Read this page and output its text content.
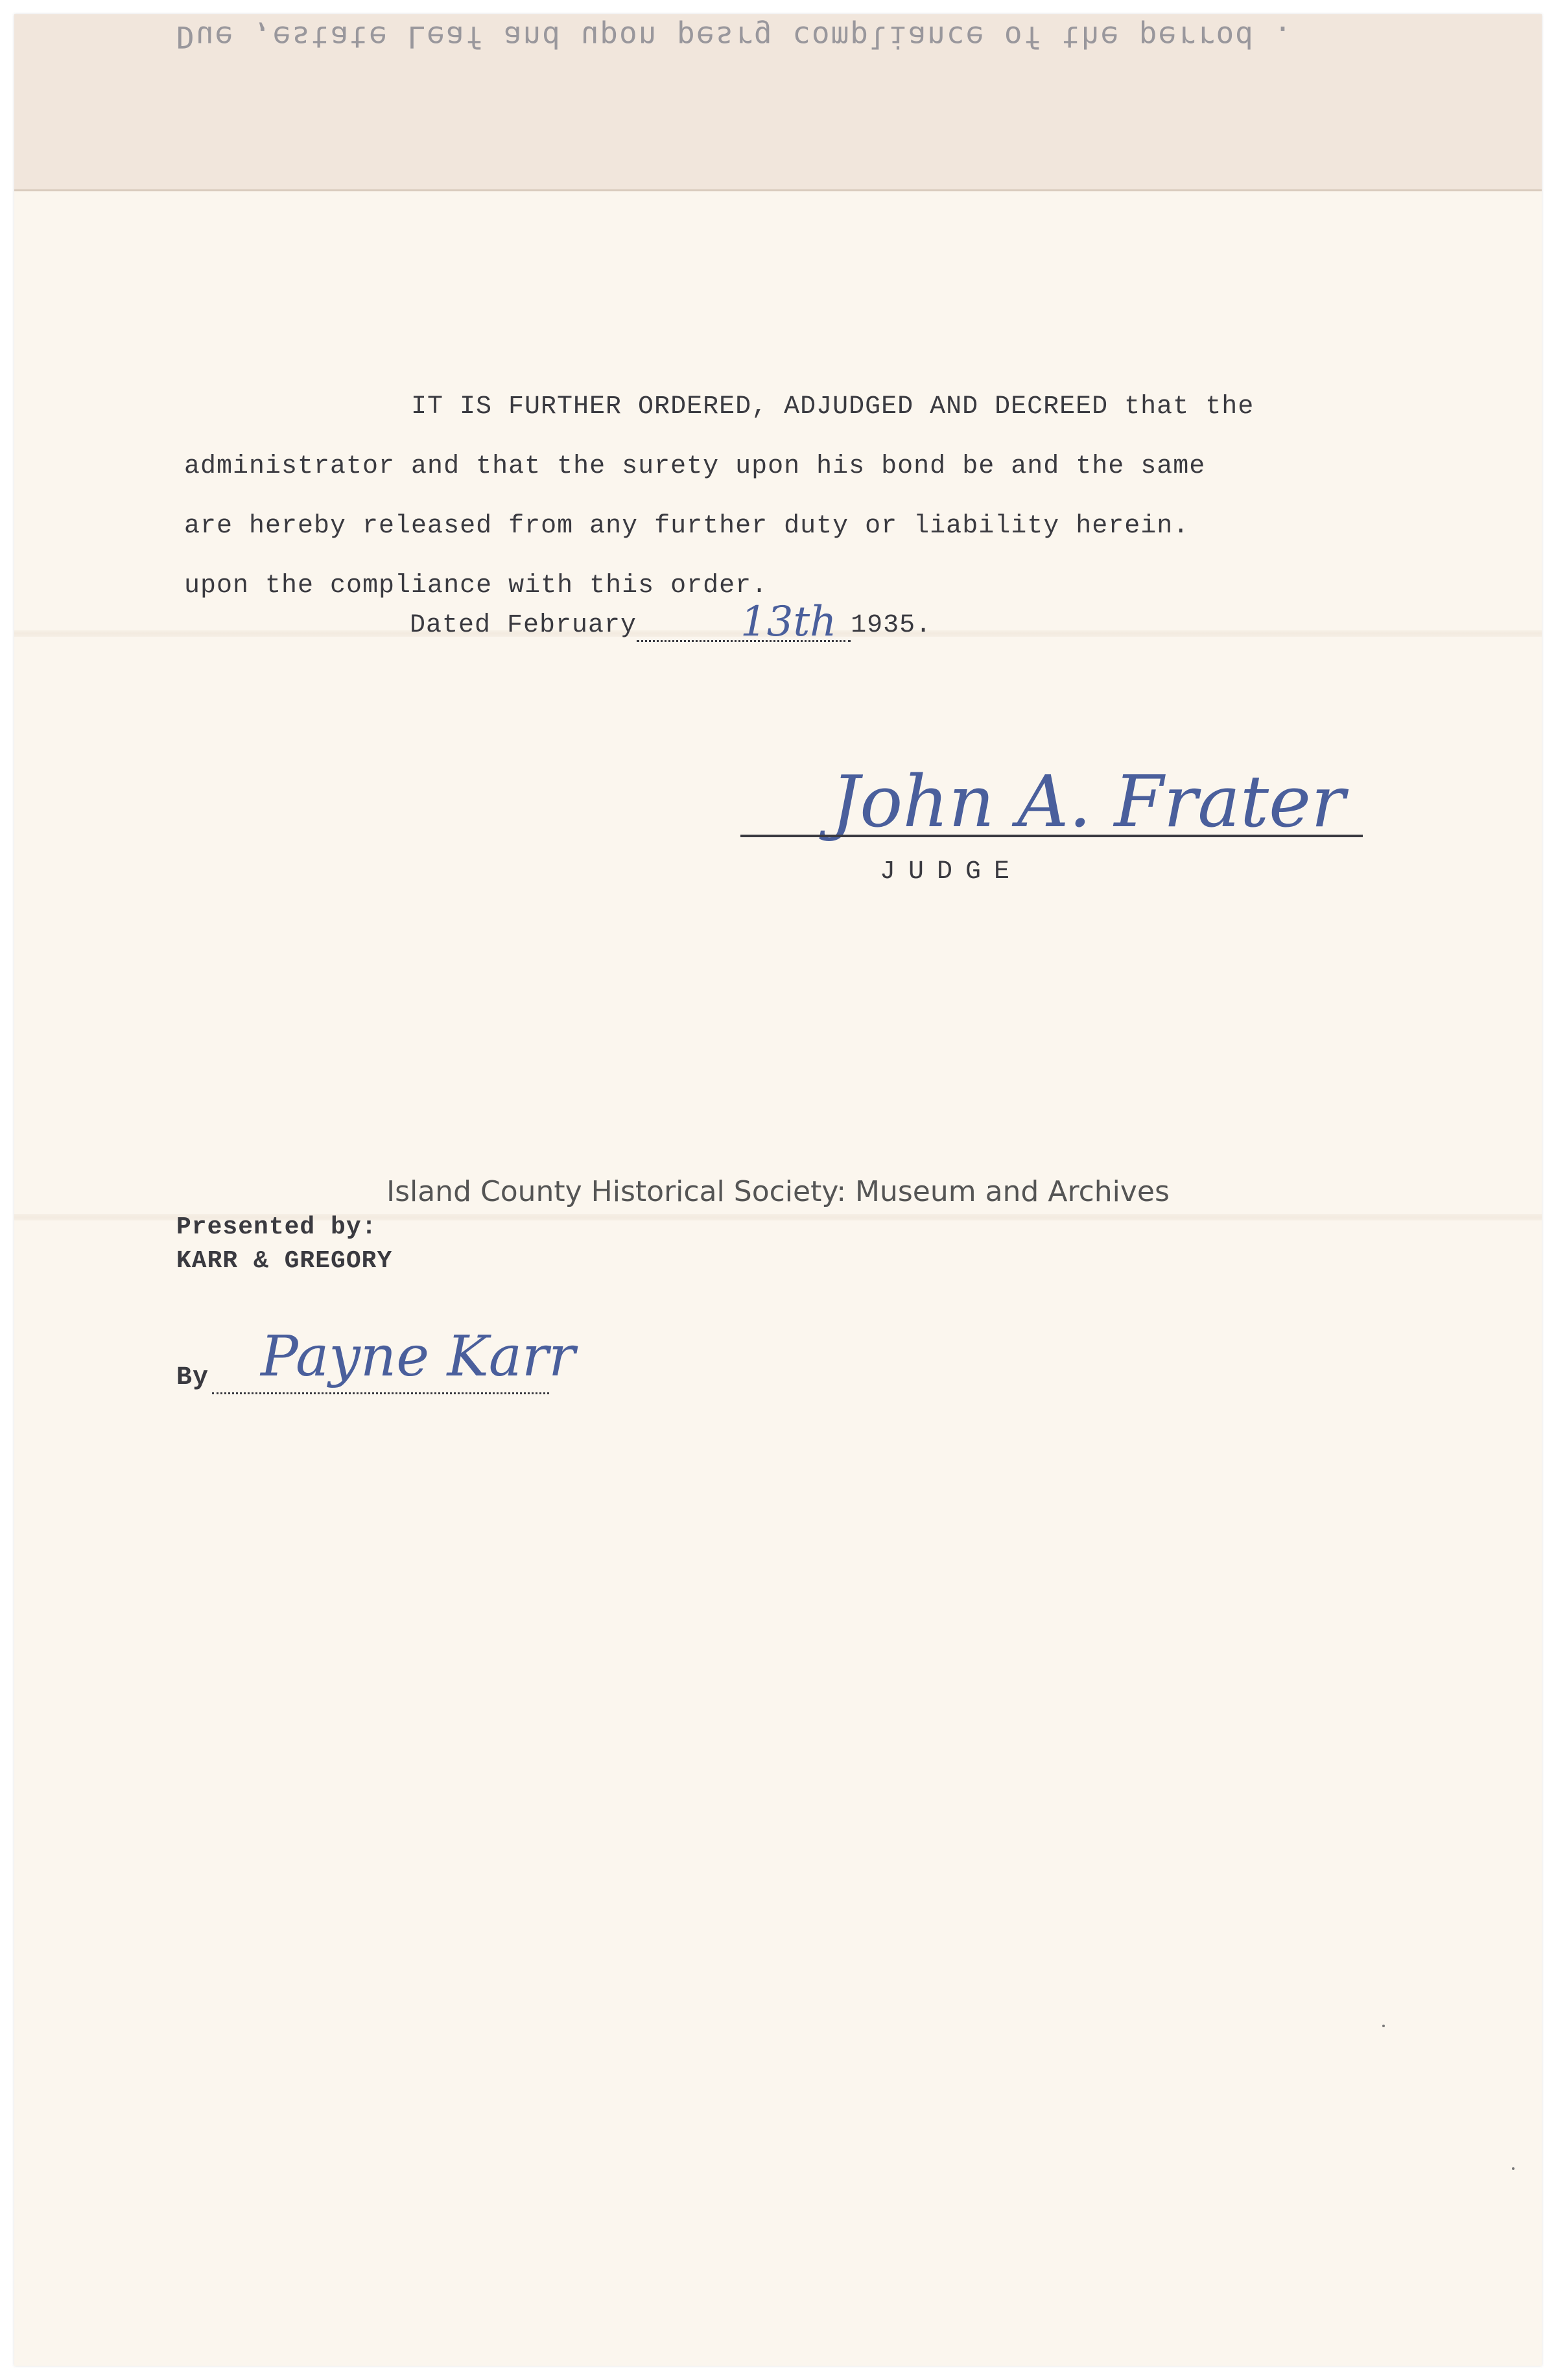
Due ,estate Leaf and upon pesrg compliance of the perrod .
IT IS FURTHER ORDERED, ADJUDGED AND DECREED that the
administrator and that the surety upon his bond be and the same
are hereby released from any further duty or liability herein.
upon the compliance with this order.
Dated February	1935.
13th
John A. Frater
JUDGE
Island County Historical Society: Museum and Archives
Presented by:
KARR & GREGORY
By Payne Karr
